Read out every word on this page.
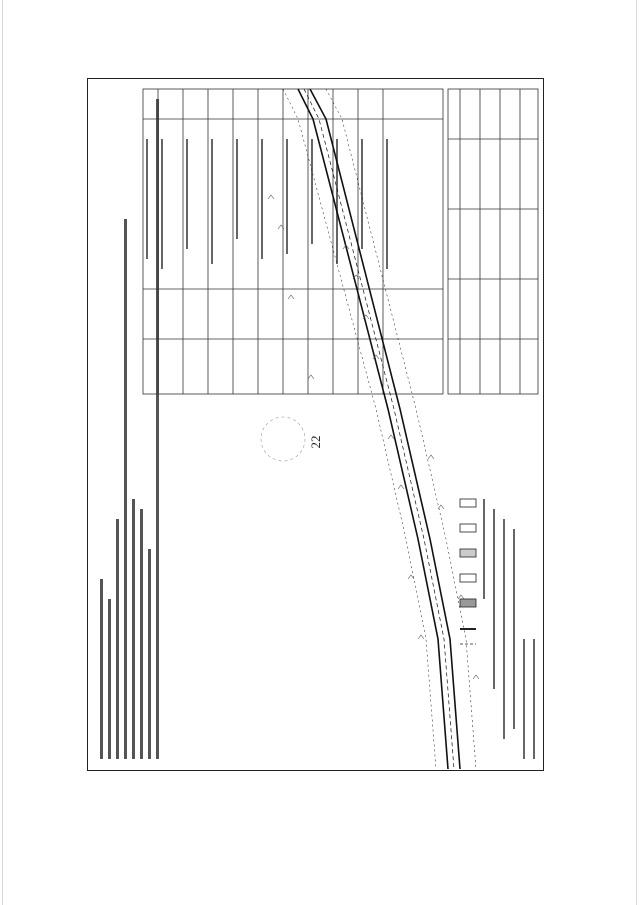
22
